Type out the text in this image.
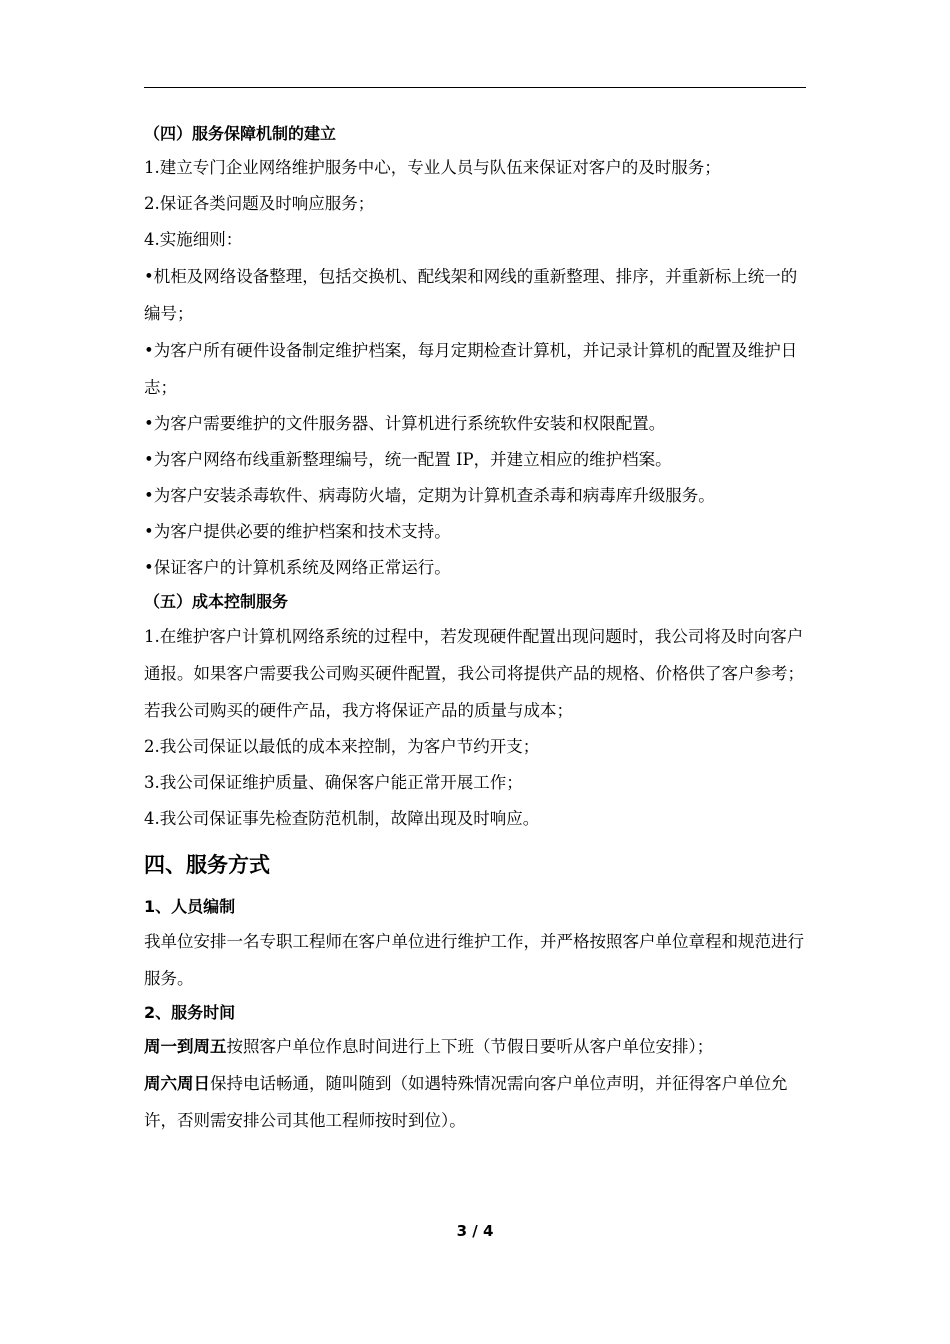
（四）服务保障机制的建立

1.建立专门企业网络维护服务中心，专业人员与队伍来保证对客户的及时服务；

2.保证各类问题及时响应服务；

4.实施细则：

•机柜及网络设备整理，包括交换机、配线架和网线的重新整理、排序，并重新标上统一的编号；

•为客户所有硬件设备制定维护档案，每月定期检查计算机，并记录计算机的配置及维护日志；

•为客户需要维护的文件服务器、计算机进行系统软件安装和权限配置。

•为客户网络布线重新整理编号，统一配置 IP，并建立相应的维护档案。

•为客户安装杀毒软件、病毒防火墙，定期为计算机查杀毒和病毒库升级服务。

•为客户提供必要的维护档案和技术支持。

•保证客户的计算机系统及网络正常运行。

（五）成本控制服务

1.在维护客户计算机网络系统的过程中，若发现硬件配置出现问题时，我公司将及时向客户通报。如果客户需要我公司购买硬件配置，我公司将提供产品的规格、价格供了客户参考；若我公司购买的硬件产品，我方将保证产品的质量与成本；

2.我公司保证以最低的成本来控制，为客户节约开支；

3.我公司保证维护质量、确保客户能正常开展工作；

4.我公司保证事先检查防范机制，故障出现及时响应。

四、服务方式
1、人员编制

我单位安排一名专职工程师在客户单位进行维护工作，并严格按照客户单位章程和规范进行服务。

2、服务时间

周一到周五按照客户单位作息时间进行上下班（节假日要听从客户单位安排）；

周六周日保持电话畅通，随叫随到（如遇特殊情况需向客户单位声明，并征得客户单位允许，否则需安排公司其他工程师按时到位）。

3 / 4
